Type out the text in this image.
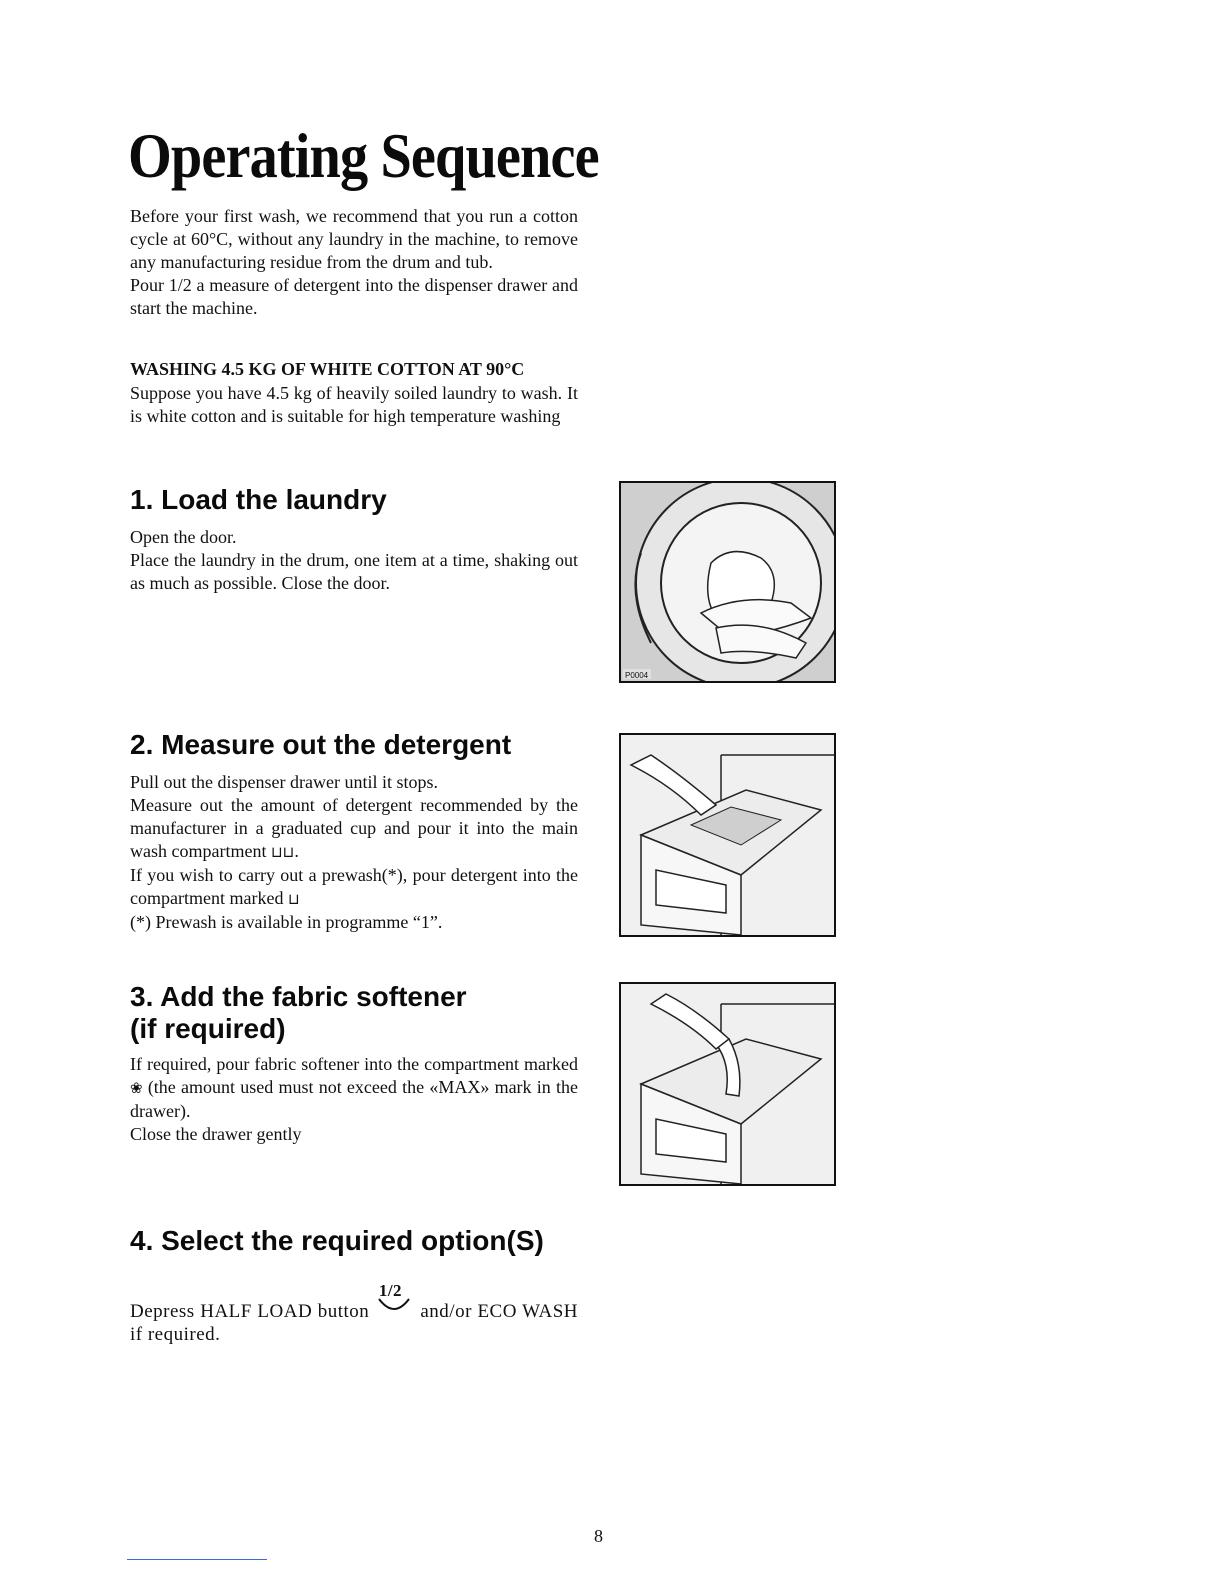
Operating Sequence

Before your first wash, we recommend that you run a cotton cycle at 60°C, without any laundry in the machine, to remove any manufacturing residue from the drum and tub.

Pour 1/2 a measure of detergent into the dispenser drawer and start the machine.

WASHING 4.5 KG OF WHITE COTTON AT 90°C

Suppose you have 4.5 kg of heavily soiled laundry to wash. It is white cotton and is suitable for high temperature washing

1. Load the laundry

Open the door.

Place the laundry in the drum, one item at a time, shaking out as much as possible. Close the door.

P0004
2. Measure out the detergent

Pull out the dispenser drawer until it stops.

Measure out the amount of detergent recommended by the manufacturer in a graduated cup and pour it into the main wash compartment ⊔⊔.

If you wish to carry out a prewash(*), pour detergent into the compartment marked ⊔

(*) Prewash is available in programme “1”.

3. Add the fabric softener
(if required)

If required, pour fabric softener into the compartment marked ❀ (the amount used must not exceed the «MAX» mark in the drawer).

Close the drawer gently

4. Select the required option(S)

Depress HALF LOAD button
1/2
and/or ECO WASH if required.

8
